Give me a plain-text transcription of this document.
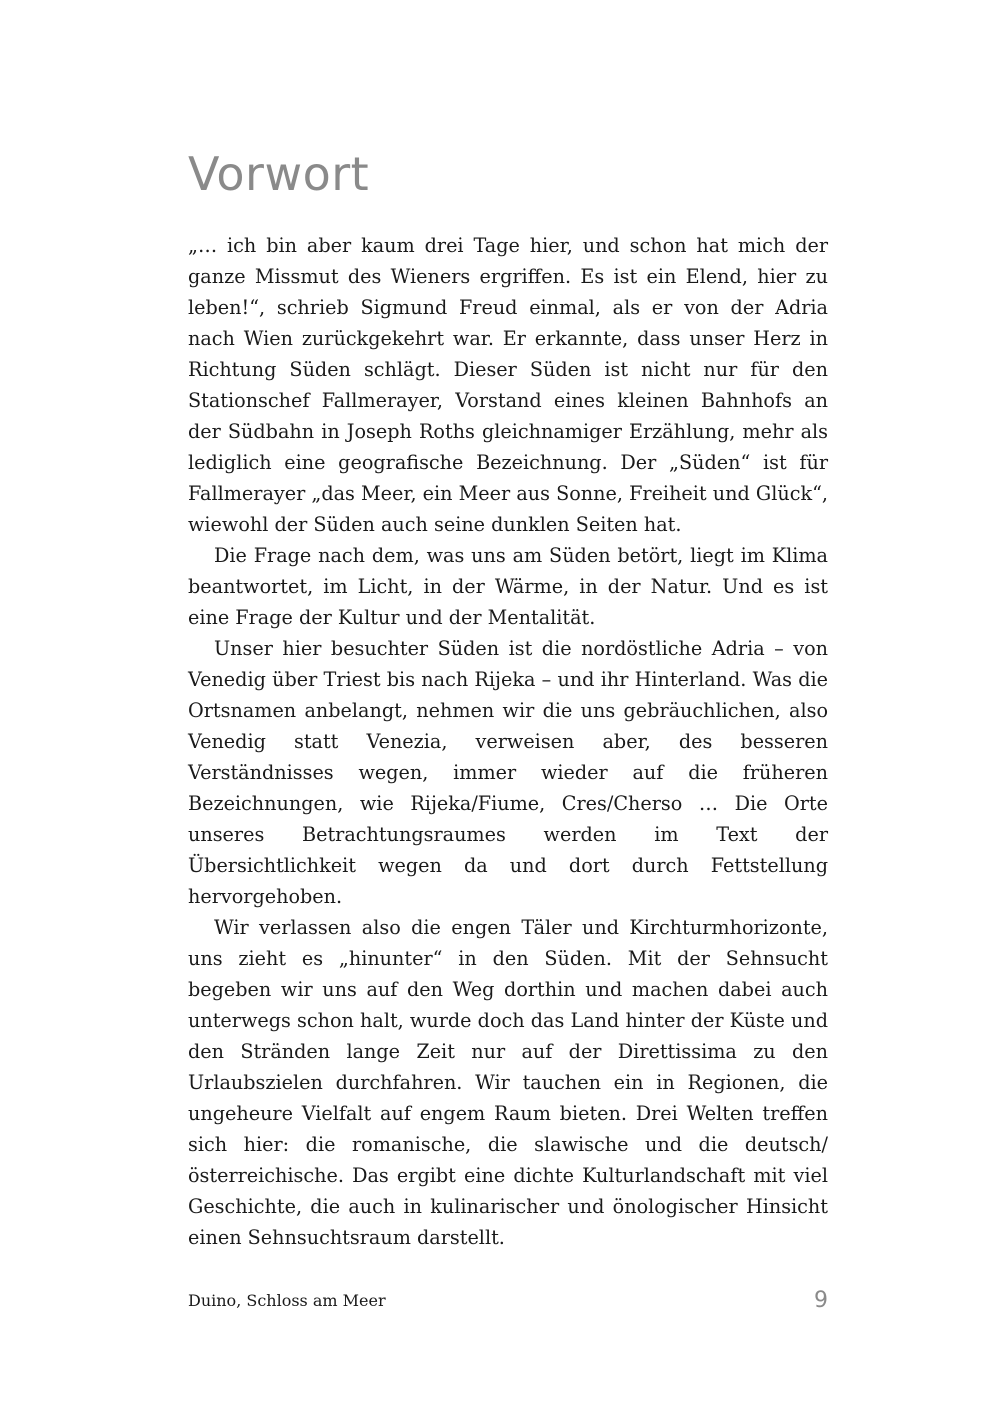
Vorwort

„… ich bin aber kaum drei Tage hier, und schon hat mich der ganze Missmut des Wieners ergriffen. Es ist ein Elend, hier zu leben!“, schrieb Sigmund Freud einmal, als er von der Adria nach Wien zurückgekehrt war. Er erkannte, dass unser Herz in Richtung Süden schlägt. Dieser Süden ist nicht nur für den Stationschef Fallmerayer, Vorstand eines kleinen Bahnhofs an der Südbahn in Joseph Roths gleichnamiger Erzählung, mehr als lediglich eine geografische Bezeichnung. Der „Süden“ ist für Fallmerayer „das Meer, ein Meer aus Sonne, Freiheit und Glück“, wiewohl der Süden auch seine dunklen Seiten hat.

Die Frage nach dem, was uns am Süden betört, liegt im Klima beantwortet, im Licht, in der Wärme, in der Natur. Und es ist eine Frage der Kultur und der Mentalität.

Unser hier besuchter Süden ist die nordöstliche Adria – von Venedig über Triest bis nach Rijeka – und ihr Hinterland. Was die Ortsnamen anbelangt, nehmen wir die uns gebräuchlichen, also Venedig statt Venezia, verweisen aber, des besseren Verständnisses wegen, immer wieder auf die früheren Bezeichnungen, wie Rijeka/Fiume, Cres/Cherso … Die Orte unseres Betrachtungsraumes werden im Text der Übersichtlichkeit wegen da und dort durch Fettstellung hervorgehoben.

Wir verlassen also die engen Täler und Kirchturmhorizonte, uns zieht es „hinunter“ in den Süden. Mit der Sehnsucht begeben wir uns auf den Weg dorthin und machen dabei auch unterwegs schon halt, wurde doch das Land hinter der Küste und den Stränden lange Zeit nur auf der Direttissima zu den Urlaubszielen durchfahren. Wir tauchen ein in Regionen, die ungeheure Vielfalt auf engem Raum bieten. Drei Welten treffen sich hier: die romanische, die slawische und die deutsch/österreichische. Das ergibt eine dichte Kulturlandschaft mit viel Geschichte, die auch in kulinarischer und önologischer Hinsicht einen Sehnsuchtsraum darstellt.

Duino, Schloss am Meer	9
